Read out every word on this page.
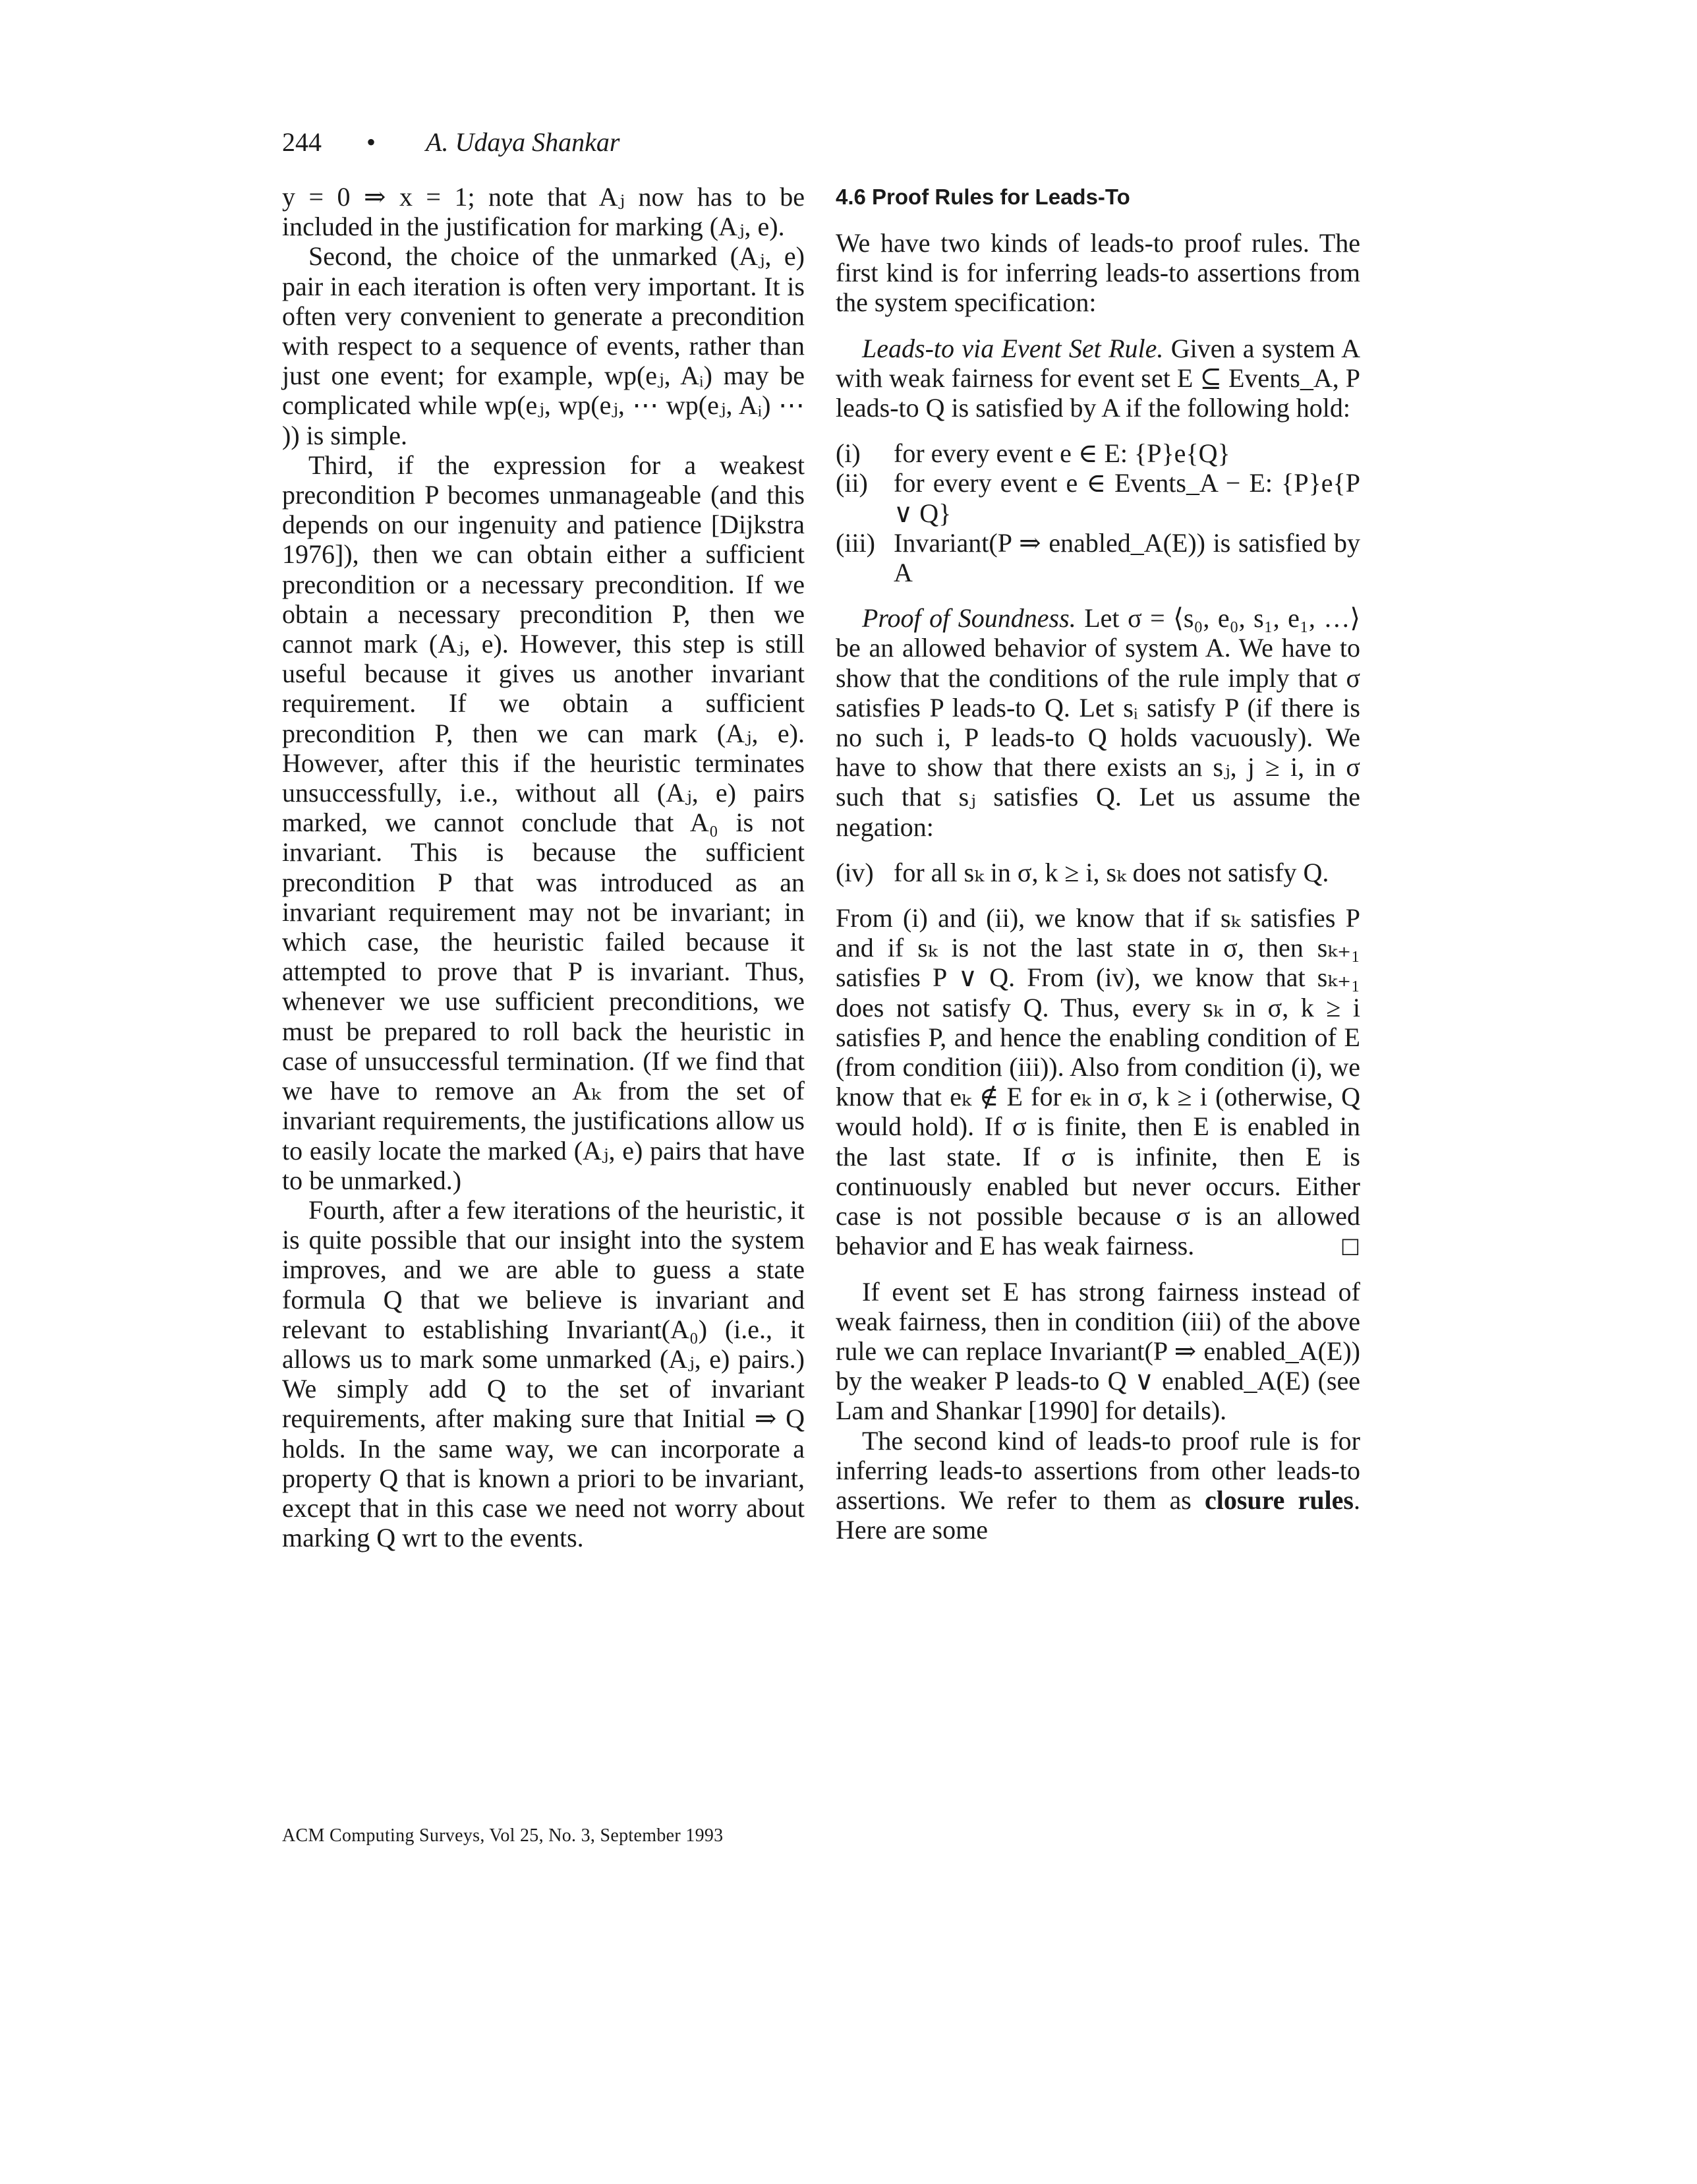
244 • A. Udaya Shankar

y = 0 ⇒ x = 1; note that Aⱼ now has to be included in the justification for marking (Aⱼ, e).

Second, the choice of the unmarked (Aⱼ, e) pair in each iteration is often very important. It is often very convenient to generate a precondition with respect to a sequence of events, rather than just one event; for example, wp(eⱼ, Aᵢ) may be complicated while wp(eⱼ, wp(eⱼ, ⋯ wp(eⱼ, Aᵢ) ⋯ )) is simple.

Third, if the expression for a weakest precondition P becomes unmanageable (and this depends on our ingenuity and patience [Dijkstra 1976]), then we can obtain either a sufficient precondition or a necessary precondition. If we obtain a necessary precondition P, then we cannot mark (Aⱼ, e). However, this step is still useful because it gives us another invariant requirement. If we obtain a sufficient precondition P, then we can mark (Aⱼ, e). However, after this if the heuristic terminates unsuccessfully, i.e., without all (Aⱼ, e) pairs marked, we cannot conclude that A₀ is not invariant. This is because the sufficient precondition P that was introduced as an invariant requirement may not be invariant; in which case, the heuristic failed because it attempted to prove that P is invariant. Thus, whenever we use sufficient preconditions, we must be prepared to roll back the heuristic in case of unsuccessful termination. (If we find that we have to remove an Aₖ from the set of invariant requirements, the justifications allow us to easily locate the marked (Aⱼ, e) pairs that have to be unmarked.)

Fourth, after a few iterations of the heuristic, it is quite possible that our insight into the system improves, and we are able to guess a state formula Q that we believe is invariant and relevant to establishing Invariant(A₀) (i.e., it allows us to mark some unmarked (Aⱼ, e) pairs.) We simply add Q to the set of invariant requirements, after making sure that Initial ⇒ Q holds. In the same way, we can incorporate a property Q that is known a priori to be invariant, except that in this case we need not worry about marking Q wrt to the events.

4.6 Proof Rules for Leads-To

We have two kinds of leads-to proof rules. The first kind is for inferring leads-to assertions from the system specification:

Leads-to via Event Set Rule. Given a system A with weak fairness for event set E ⊆ Events_A, P leads-to Q is satisfied by A if the following hold:

(i) for every event e ∈ E: {P}e{Q}
(ii) for every event e ∈ Events_A − E: {P}e{P ∨ Q}
(iii) Invariant(P ⇒ enabled_A(E)) is satisfied by A

Proof of Soundness. Let σ = ⟨s₀, e₀, s₁, e₁, …⟩ be an allowed behavior of system A. We have to show that the conditions of the rule imply that σ satisfies P leads-to Q. Let sᵢ satisfy P (if there is no such i, P leads-to Q holds vacuously). We have to show that there exists an sⱼ, j ≥ i, in σ such that sⱼ satisfies Q. Let us assume the negation:

(iv) for all sₖ in σ, k ≥ i, sₖ does not satisfy Q.

From (i) and (ii), we know that if sₖ satisfies P and if sₖ is not the last state in σ, then sₖ₊₁ satisfies P ∨ Q. From (iv), we know that sₖ₊₁ does not satisfy Q. Thus, every sₖ in σ, k ≥ i satisfies P, and hence the enabling condition of E (from condition (iii)). Also from condition (i), we know that eₖ ∉ E for eₖ in σ, k ≥ i (otherwise, Q would hold). If σ is finite, then E is enabled in the last state. If σ is infinite, then E is continuously enabled but never occurs. Either case is not possible because σ is an allowed behavior and E has weak fairness.	□

If event set E has strong fairness instead of weak fairness, then in condition (iii) of the above rule we can replace Invariant(P ⇒ enabled_A(E)) by the weaker P leads-to Q ∨ enabled_A(E) (see Lam and Shankar [1990] for details).

The second kind of leads-to proof rule is for inferring leads-to assertions from other leads-to assertions. We refer to them as closure rules. Here are some

ACM Computing Surveys, Vol 25, No. 3, September 1993
